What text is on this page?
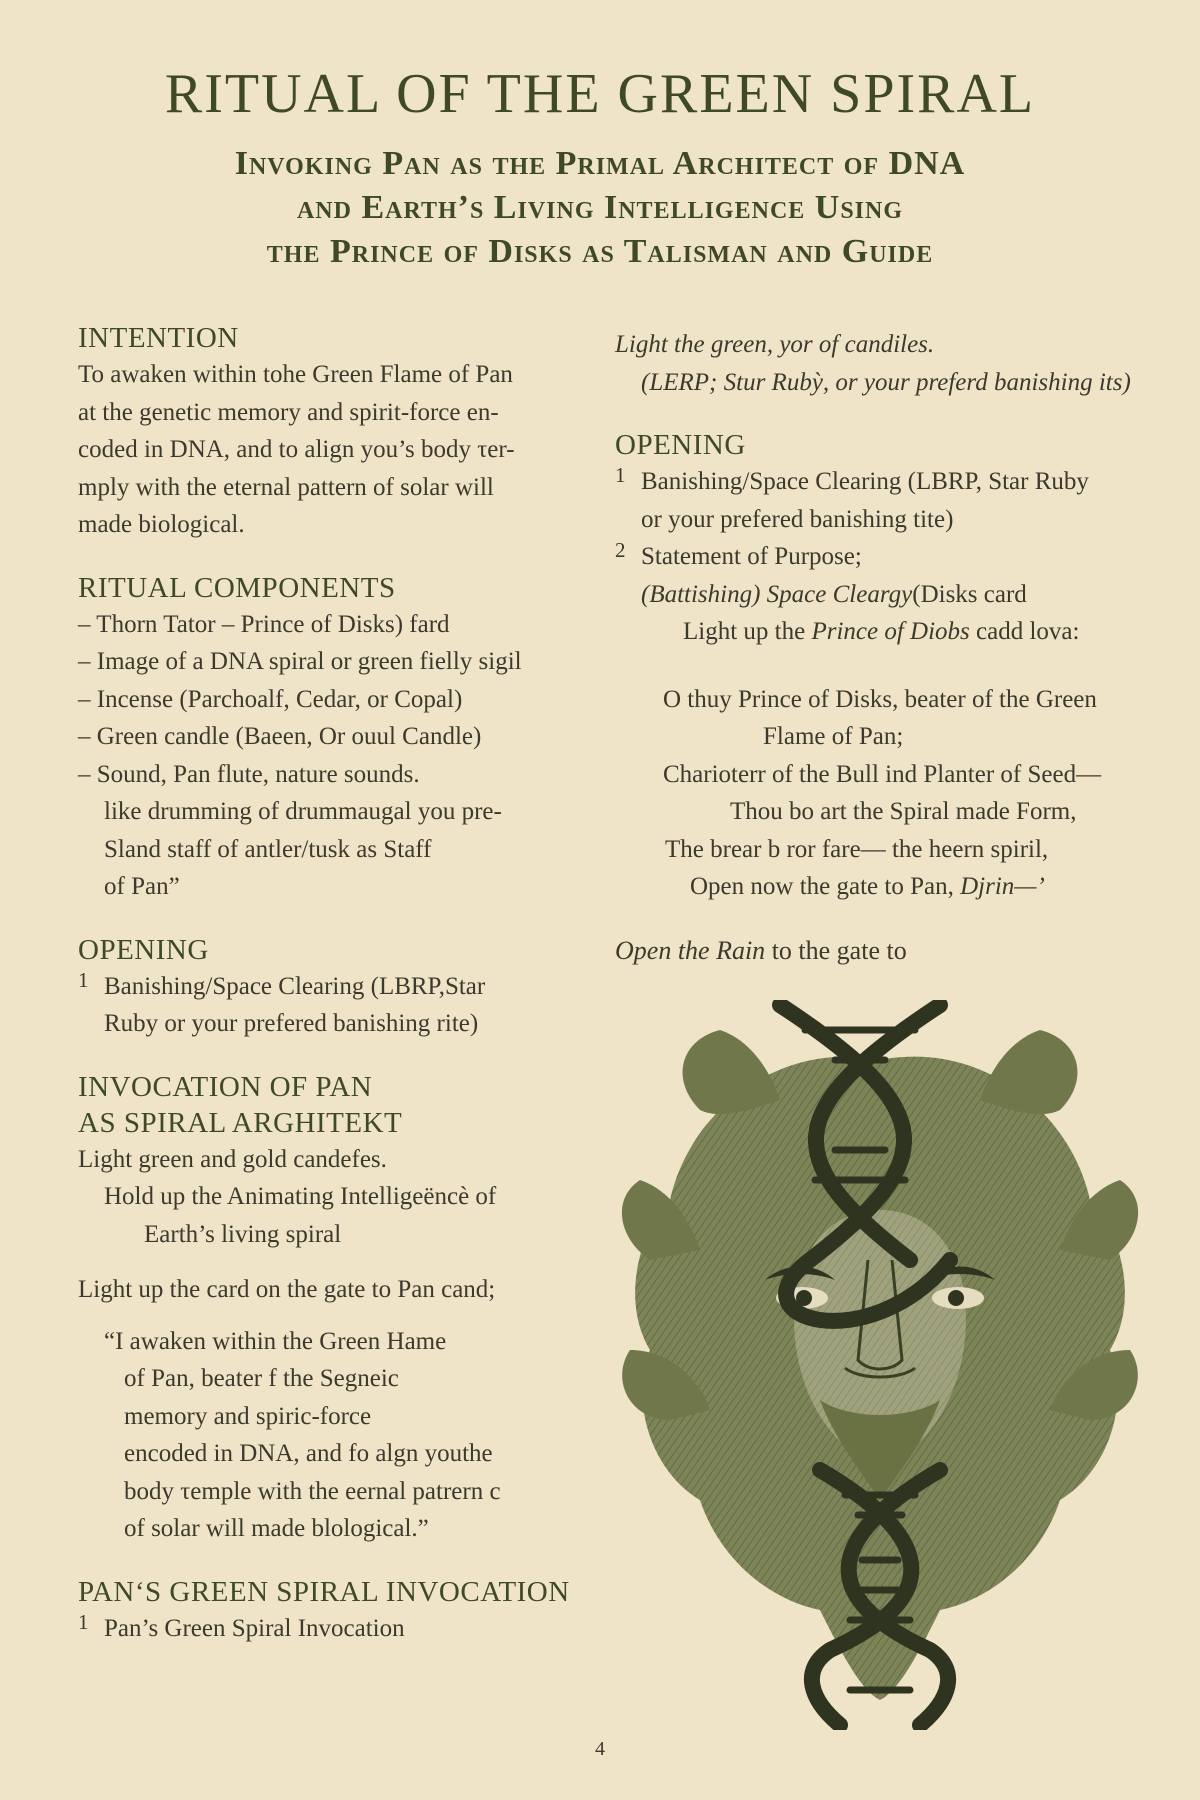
RITUAL OF THE GREEN SPIRAL
Invoking Pan as the Primal Architect of DNA
and Earth’s Living Intelligence Using
the Prince of Disks as Talisman and Guide
INTENTION

To awaken within tohe Green Flame of Pan

at the genetic memory and spirit-force en-

coded in DNA, and to align you’s body τer-

mply with the eternal pattern of solar will

made biological.

RITUAL COMPONENTS

– Thorn Tator – Prince of Disks) fard

– Image of a DNA spiral or green fielly sigil

– Incense (Parchoalf, Cedar, or Copal)

– Green candle (Baeen, Or ouul Candle)

– Sound, Pan flute, nature sounds.

like drumming of drummaugal you pre-

Sland staff of antler/tusk as Staff

of Pan”

OPENING
1 Banishing/Space Clearing (LBRP,Star

Ruby or your prefered banishing rite)

INVOCATION OF PAN
AS SPIRAL ARGHITEKT

Light green and gold candefes.

Hold up the Animating Intelligeëncè of

Earth’s living spiral

Light up the card on the gate to Pan cand;

“I awaken within the Green Hame

of Pan, beater f the Segneic

memory and spiric-force

encoded in DNA, and fo algn youthe

body τemple with the eernal patrern c

of solar will made blological.”

PAN‘S GREEN SPIRAL INVOCATION
1 Pan’s Green Spiral Invocation

Light the green, yor of candiles.

(LERP; Stur Rubỳ, or your preferd banishing its)

OPENING
1 Banishing/Space Clearing (LBRP, Star Ruby

or your prefered banishing tite)

2 Statement of Purpose;

(Battishing) Space Cleargy(Disks card

Light up the Prince of Diobs cadd lova:

O thuy Prince of Disks, beater of the Green

Flame of Pan;

Charioterr of the Bull ind Planter of Seed—

Thou bo art the Spiral made Form,

The brear b ror fare— the heern spiril,

Open now the gate to Pan, Djrin—’

Open the Rain to the gate to

4
